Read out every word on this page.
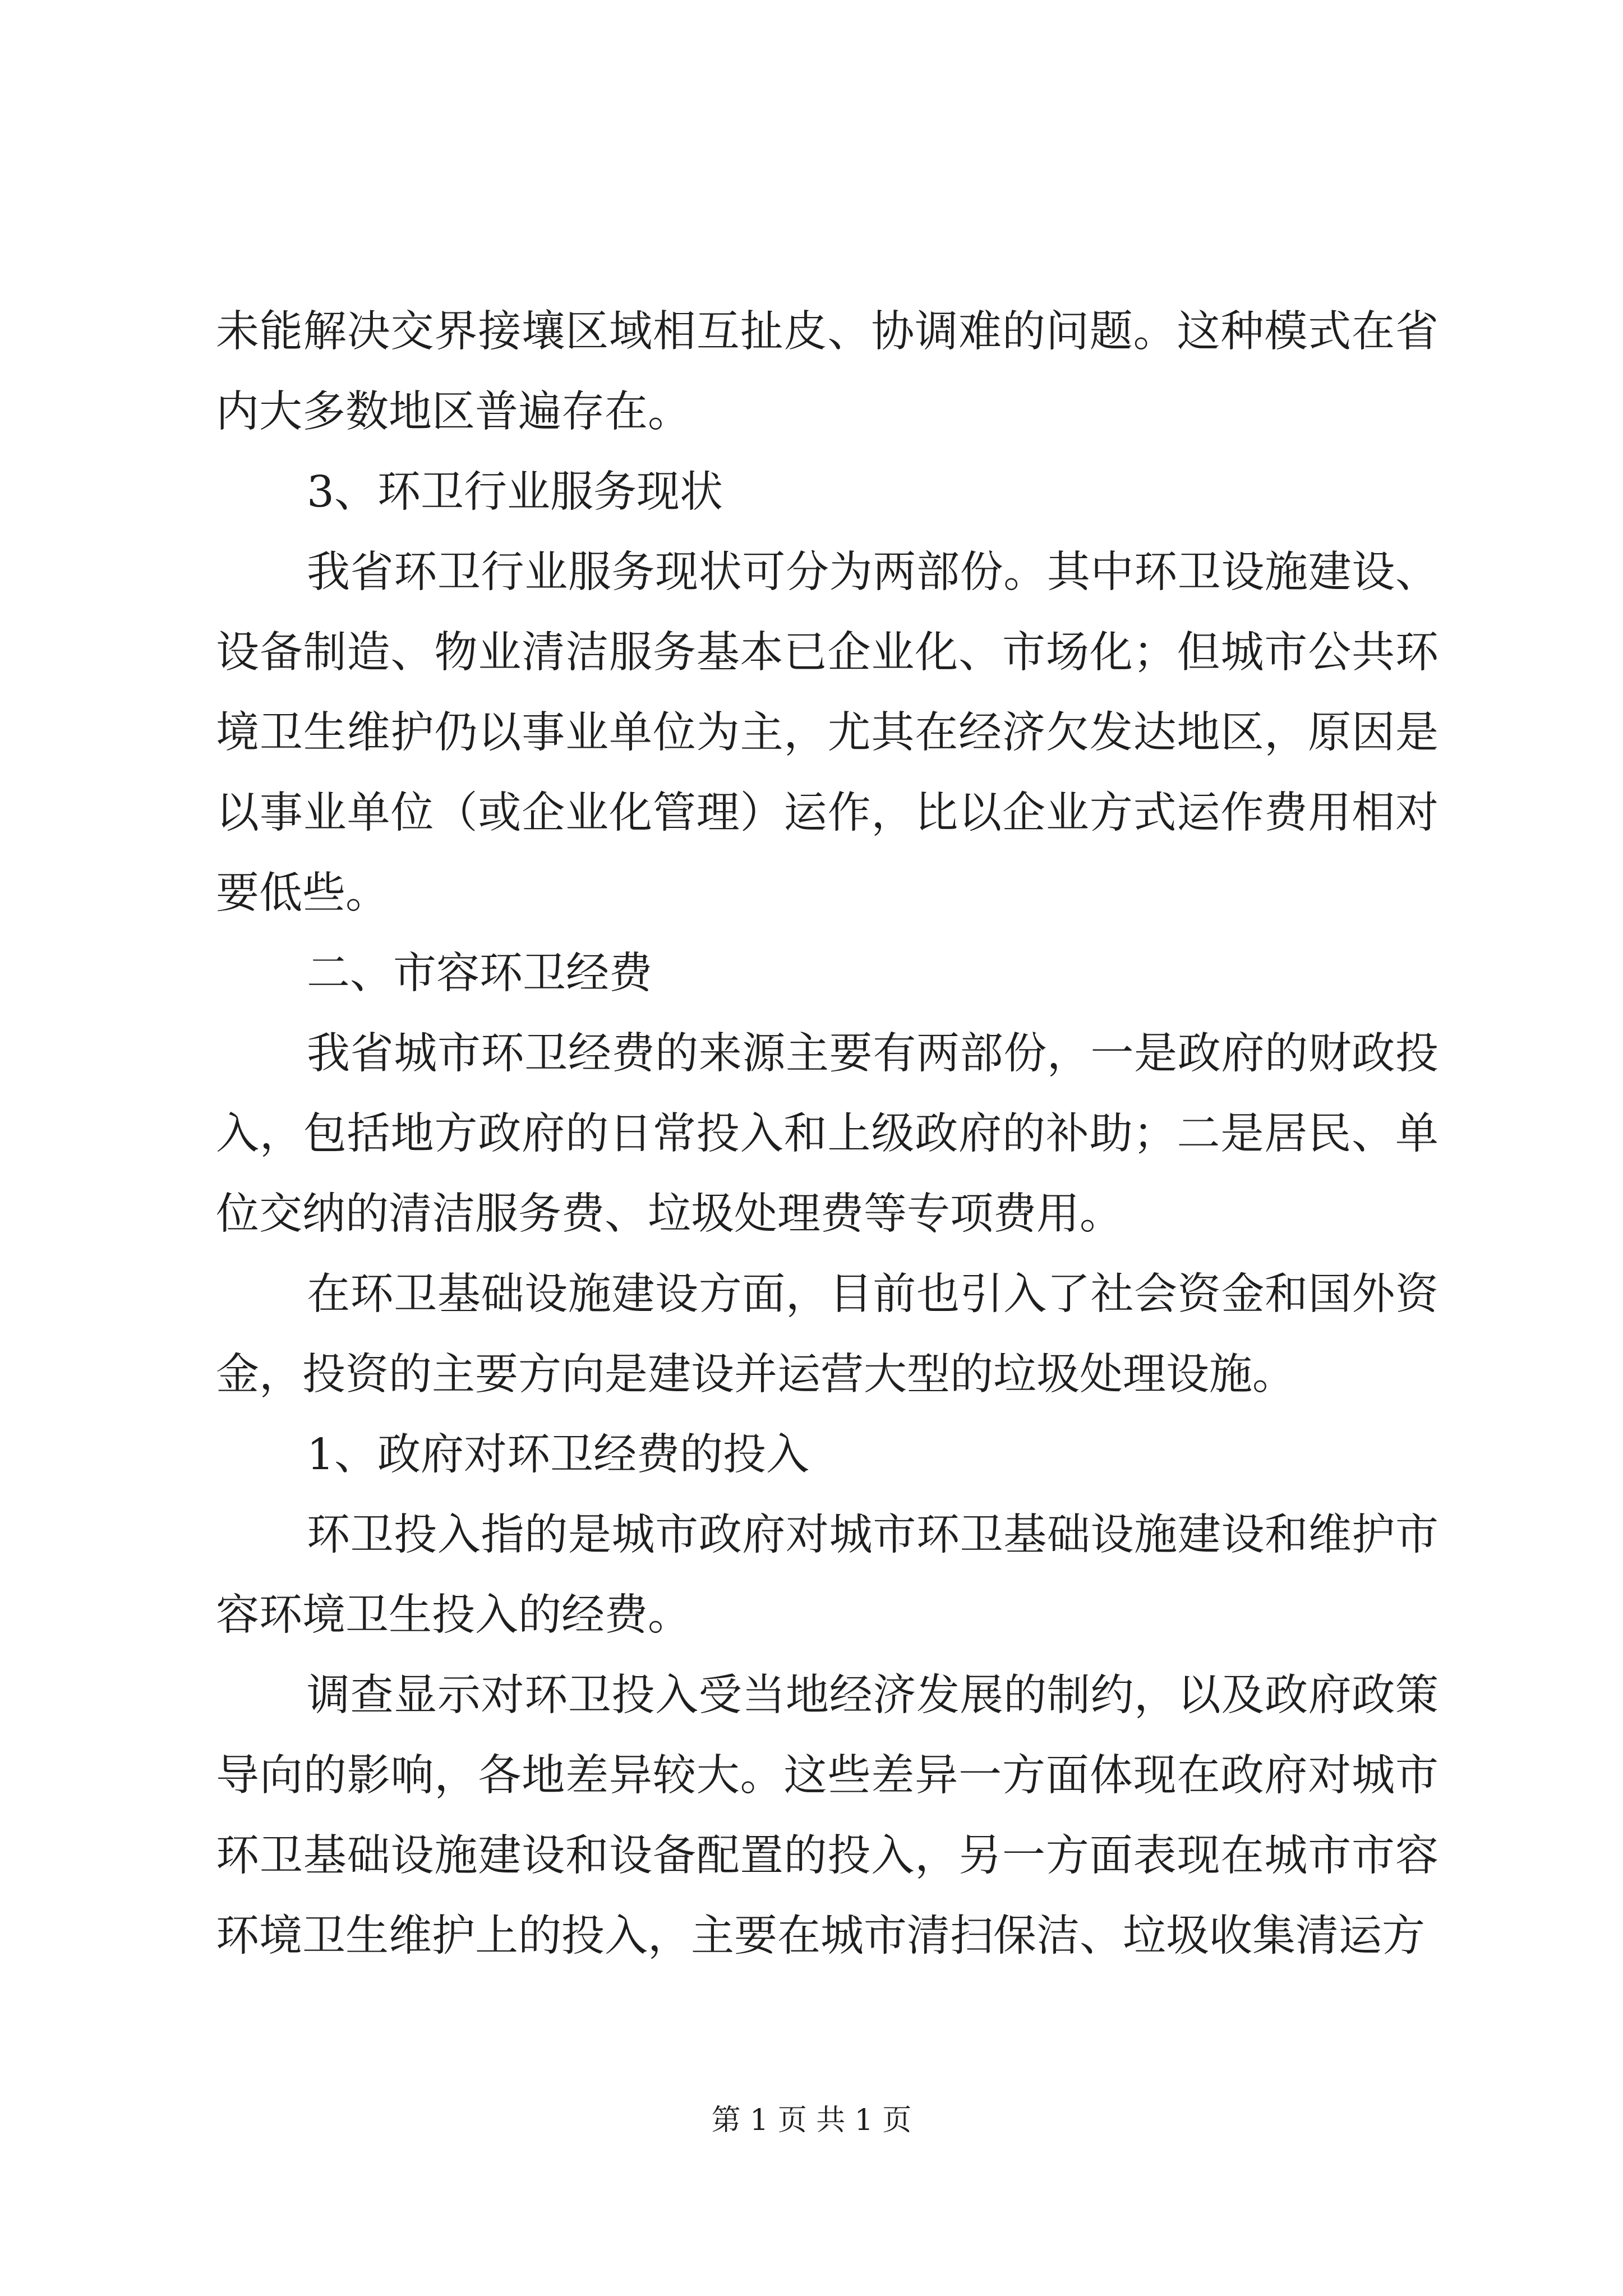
未能解决交界接壤区域相互扯皮、协调难的问题。这种模式在省内大多数地区普遍存在。

3、环卫行业服务现状

我省环卫行业服务现状可分为两部份。其中环卫设施建设、设备制造、物业清洁服务基本已企业化、市场化；但城市公共环境卫生维护仍以事业单位为主，尤其在经济欠发达地区，原因是以事业单位（或企业化管理）运作，比以企业方式运作费用相对要低些。

二、市容环卫经费

我省城市环卫经费的来源主要有两部份，一是政府的财政投入，包括地方政府的日常投入和上级政府的补助；二是居民、单位交纳的清洁服务费、垃圾处理费等专项费用。

在环卫基础设施建设方面，目前也引入了社会资金和国外资金，投资的主要方向是建设并运营大型的垃圾处理设施。

1、政府对环卫经费的投入

环卫投入指的是城市政府对城市环卫基础设施建设和维护市容环境卫生投入的经费。

调查显示对环卫投入受当地经济发展的制约，以及政府政策导向的影响，各地差异较大。这些差异一方面体现在政府对城市环卫基础设施建设和设备配置的投入，另一方面表现在城市市容环境卫生维护上的投入，主要在城市清扫保洁、垃圾收集清运方

第 1 页 共 1 页
